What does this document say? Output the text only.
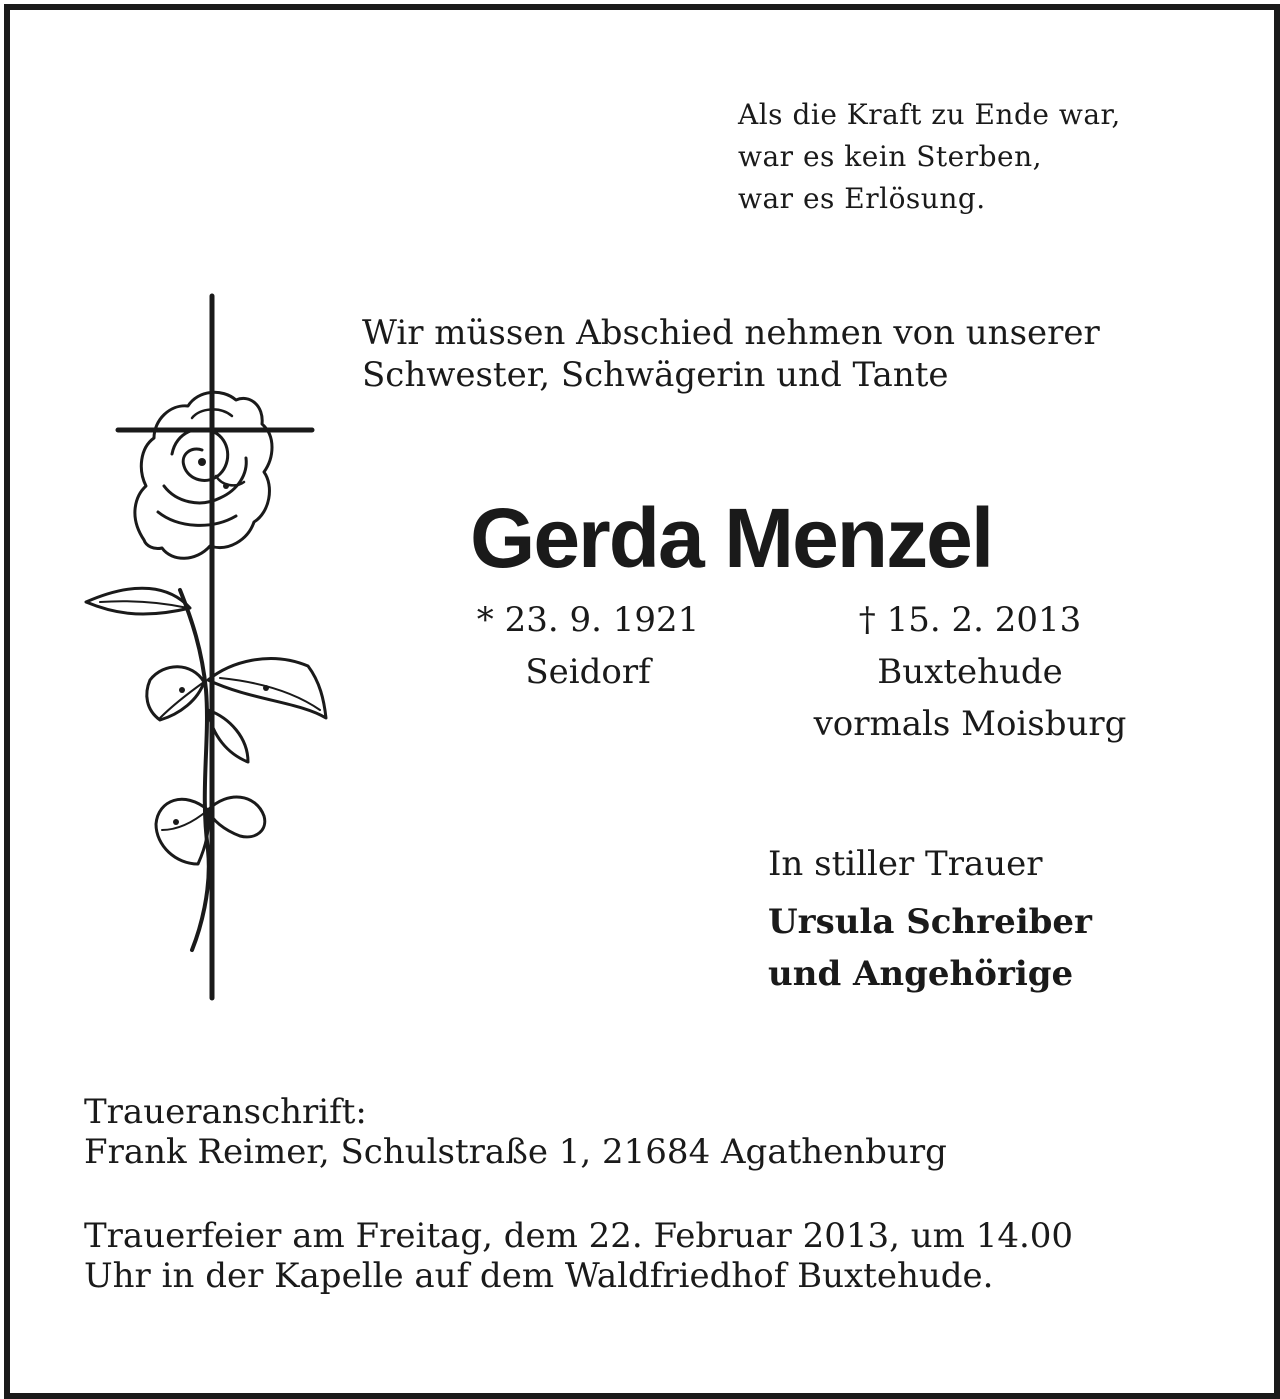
Als die Kraft zu Ende war,
war es kein Sterben,
war es Erlösung.
Wir müssen Abschied nehmen von unserer
Schwester, Schwägerin und Tante
Gerda Menzel
* 23. 9. 1921
Seidorf
† 15. 2. 2013
Buxtehude
vormals Moisburg
In stiller Trauer
Ursula Schreiber
und Angehörige
Traueranschrift:
Frank Reimer, Schulstraße 1, 21684 Agathenburg
Trauerfeier am Freitag, dem 22. Februar 2013, um 14.00
Uhr in der Kapelle auf dem Waldfriedhof Buxtehude.
